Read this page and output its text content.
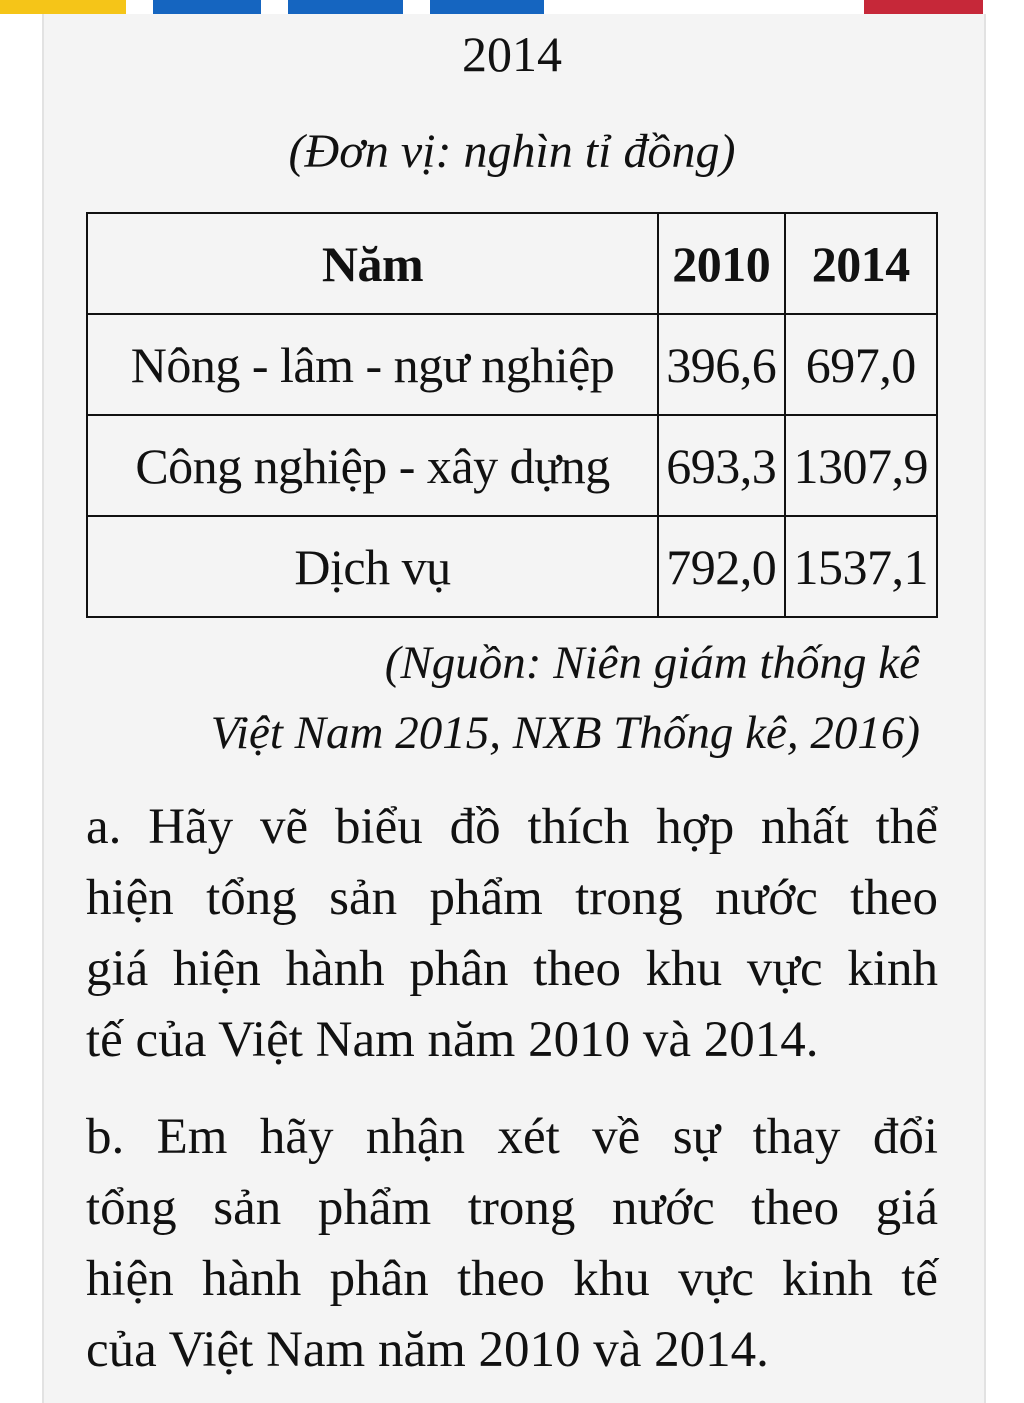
2014
(Đơn vị: nghìn tỉ đồng)
Năm	2010	2014
Nông - lâm - ngư nghiệp	396,6	697,0
Công nghiệp - xây dựng	693,3	1307,9
Dịch vụ	792,0	1537,1
(Nguồn: Niên giám thống kê
Việt Nam 2015, NXB Thống kê, 2016)
a. Hãy vẽ biểu đồ thích hợp nhất thể
hiện tổng sản phẩm trong nước theo
giá hiện hành phân theo khu vực kinh
tế của Việt Nam năm 2010 và 2014.
b. Em hãy nhận xét về sự thay đổi
tổng sản phẩm trong nước theo giá
hiện hành phân theo khu vực kinh tế
của Việt Nam năm 2010 và 2014.
